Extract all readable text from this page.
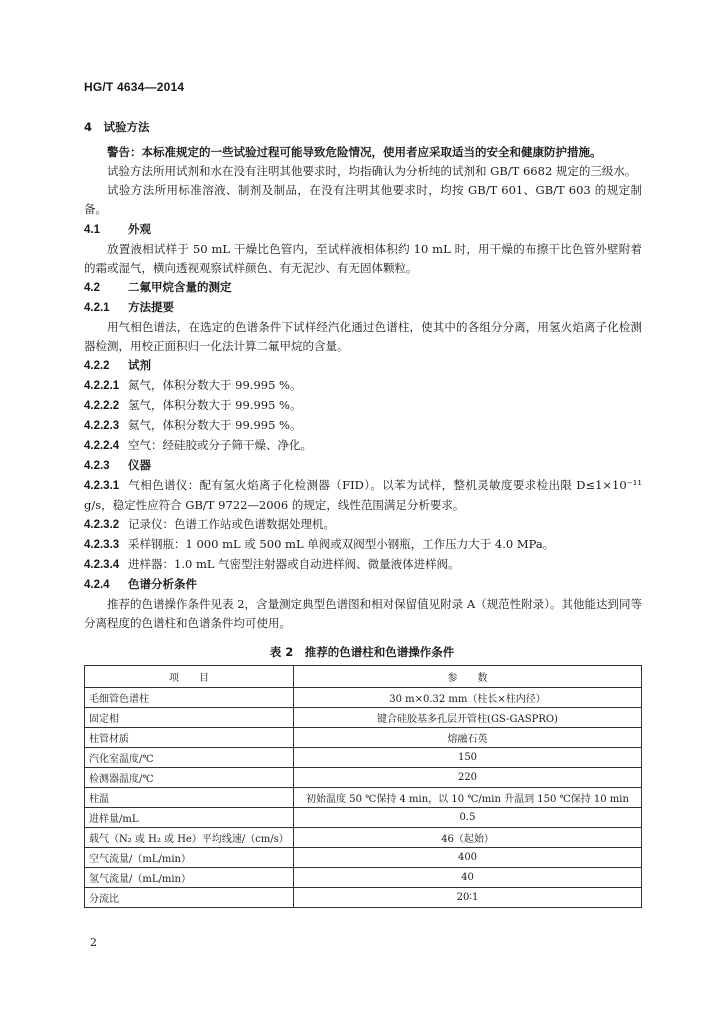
HG/T 4634—2014

4　试验方法

警告：本标准规定的一些试验过程可能导致危险情况，使用者应采取适当的安全和健康防护措施。

试验方法所用试剂和水在没有注明其他要求时，均指确认为分析纯的试剂和 GB/T 6682 规定的三级水。

试验方法所用标准溶液、制剂及制品，在没有注明其他要求时，均按 GB/T 601、GB/T 603 的规定制备。

4.1 外观

放置液相试样于 50 mL 干燥比色管内，至试样液相体积约 10 mL 时，用干燥的布擦干比色管外壁附着的霜或湿气，横向透视观察试样颜色、有无泥沙、有无固体颗粒。

4.2 二氟甲烷含量的测定

4.2.1 方法提要

用气相色谱法，在选定的色谱条件下试样经汽化通过色谱柱，使其中的各组分分离，用氢火焰离子化检测器检测，用校正面积归一化法计算二氟甲烷的含量。

4.2.2 试剂

4.2.2.1 氮气，体积分数大于 99.995 %。

4.2.2.2 氢气，体积分数大于 99.995 %。

4.2.2.3 氦气，体积分数大于 99.995 %。

4.2.2.4 空气：经硅胶或分子筛干燥、净化。

4.2.3 仪器

4.2.3.1 气相色谱仪：配有氢火焰离子化检测器（FID）。以苯为试样，整机灵敏度要求检出限 D≤1×10⁻¹¹ g/s，稳定性应符合 GB/T 9722—2006 的规定，线性范围满足分析要求。

4.2.3.2 记录仪：色谱工作站或色谱数据处理机。

4.2.3.3 采样钢瓶：1 000 mL 或 500 mL 单阀或双阀型小钢瓶，工作压力大于 4.0 MPa。

4.2.3.4 进样器：1.0 mL 气密型注射器或自动进样阀、微量液体进样阀。

4.2.4 色谱分析条件

推荐的色谱操作条件见表 2，含量测定典型色谱图和相对保留值见附录 A（规范性附录）。其他能达到同等分离程度的色谱柱和色谱条件均可使用。

表 2　推荐的色谱柱和色谱操作条件
项　　目	参　　数
毛细管色谱柱	30 m×0.32 mm（柱长×柱内径）
固定相	键合硅胶基多孔层开管柱(GS-GASPRO)
柱管材质	熔融石英
汽化室温度/℃	150
检测器温度/℃	220
柱温	初始温度 50 ℃保持 4 min，以 10 ℃/min 升温到 150 ℃保持 10 min
进样量/mL	0.5
载气（N₂ 或 H₂ 或 He）平均线速/（cm/s）	46（起始）
空气流量/（mL/min）	400
氢气流量/（mL/min）	40
分流比	20∶1
2
